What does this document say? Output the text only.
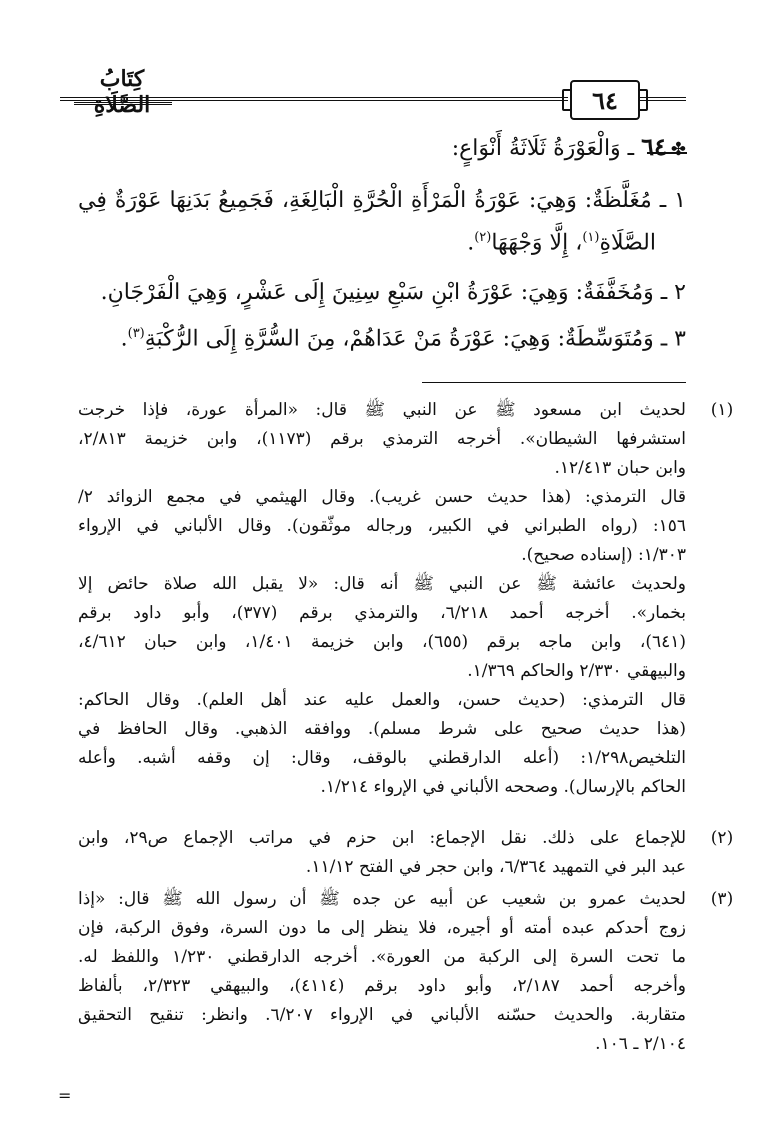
كِتَابُ الصَّلَاةِ	٦٤
✤٦٤ ـ وَالْعَوْرَةُ ثَلَاثَةُ أَنْوَاعٍ:
١ ـ مُغَلَّظَةٌ: وَهِيَ: عَوْرَةُ الْمَرْأَةِ الْحُرَّةِ الْبَالِغَةِ، فَجَمِيعُ بَدَنِهَا عَوْرَةٌ فِي
الصَّلَاةِ$^{(١)}$، إِلَّا وَجْهَهَا$^{(٢)}$.
٢ ـ وَمُخَفَّفَةٌ: وَهِيَ: عَوْرَةُ ابْنِ سَبْعِ سِنِينَ إِلَى عَشْرٍ، وَهِيَ الْفَرْجَانِ.
٣ ـ وَمُتَوَسِّطَةٌ: وَهِيَ: عَوْرَةُ مَنْ عَدَاهُمْ، مِنَ السُّرَّةِ إِلَى الرُّكْبَةِ$^{(٣)}$.
(١)
لحديث ابن مسعود ﷺ عن النبي ﷺ قال: «المرأة عورة، فإذا خرجت
استشرفها الشيطان». أخرجه الترمذي برقم (١١٧٣)، وابن خزيمة ٢/٨١٣،
وابن حبان ١٢/٤١٣.
قال الترمذي: (هذا حديث حسن غريب). وقال الهيثمي في مجمع الزوائد ٢/
١٥٦: (رواه الطبراني في الكبير، ورجاله موثّقون). وقال الألباني في الإرواء
١/٣٠٣: (إسناده صحيح).
ولحديث عائشة ﷺ عن النبي ﷺ أنه قال: «لا يقبل الله صلاة حائض إلا
بخمار». أخرجه أحمد ٦/٢١٨، والترمذي برقم (٣٧٧)، وأبو داود برقم
(٦٤١)، وابن ماجه برقم (٦٥٥)، وابن خزيمة ١/٤٠١، وابن حبان ٤/٦١٢،
والبيهقي ٢/٣٣٠ والحاكم ١/٣٦٩.
قال الترمذي: (حديث حسن، والعمل عليه عند أهل العلم). وقال الحاكم:
(هذا حديث صحيح على شرط مسلم). ووافقه الذهبي. وقال الحافظ في
التلخيص١/٢٩٨: (أعله الدارقطني بالوقف، وقال: إن وقفه أشبه. وأعله
الحاكم بالإرسال). وصححه الألباني في الإرواء ١/٢١٤.
(٢)
للإجماع على ذلك. نقل الإجماع: ابن حزم في مراتب الإجماع ص٢٩، وابن
عبد البر في التمهيد ٦/٣٦٤، وابن حجر في الفتح ١١/١٢.
(٣)
لحديث عمرو بن شعيب عن أبيه عن جده ﷺ أن رسول الله ﷺ قال: «إذا
زوج أحدكم عبده أمته أو أجيره، فلا ينظر إلى ما دون السرة، وفوق الركبة، فإن
ما تحت السرة إلى الركبة من العورة». أخرجه الدارقطني ١/٢٣٠ واللفظ له.
وأخرجه أحمد ٢/١٨٧، وأبو داود برقم (٤١١٤)، والبيهقي ٢/٣٢٣، بألفاظ
متقاربة. والحديث حسّنه الألباني في الإرواء ٦/٢٠٧. وانظر: تنقيح التحقيق
٢/١٠٤ ـ ١٠٦.
=
